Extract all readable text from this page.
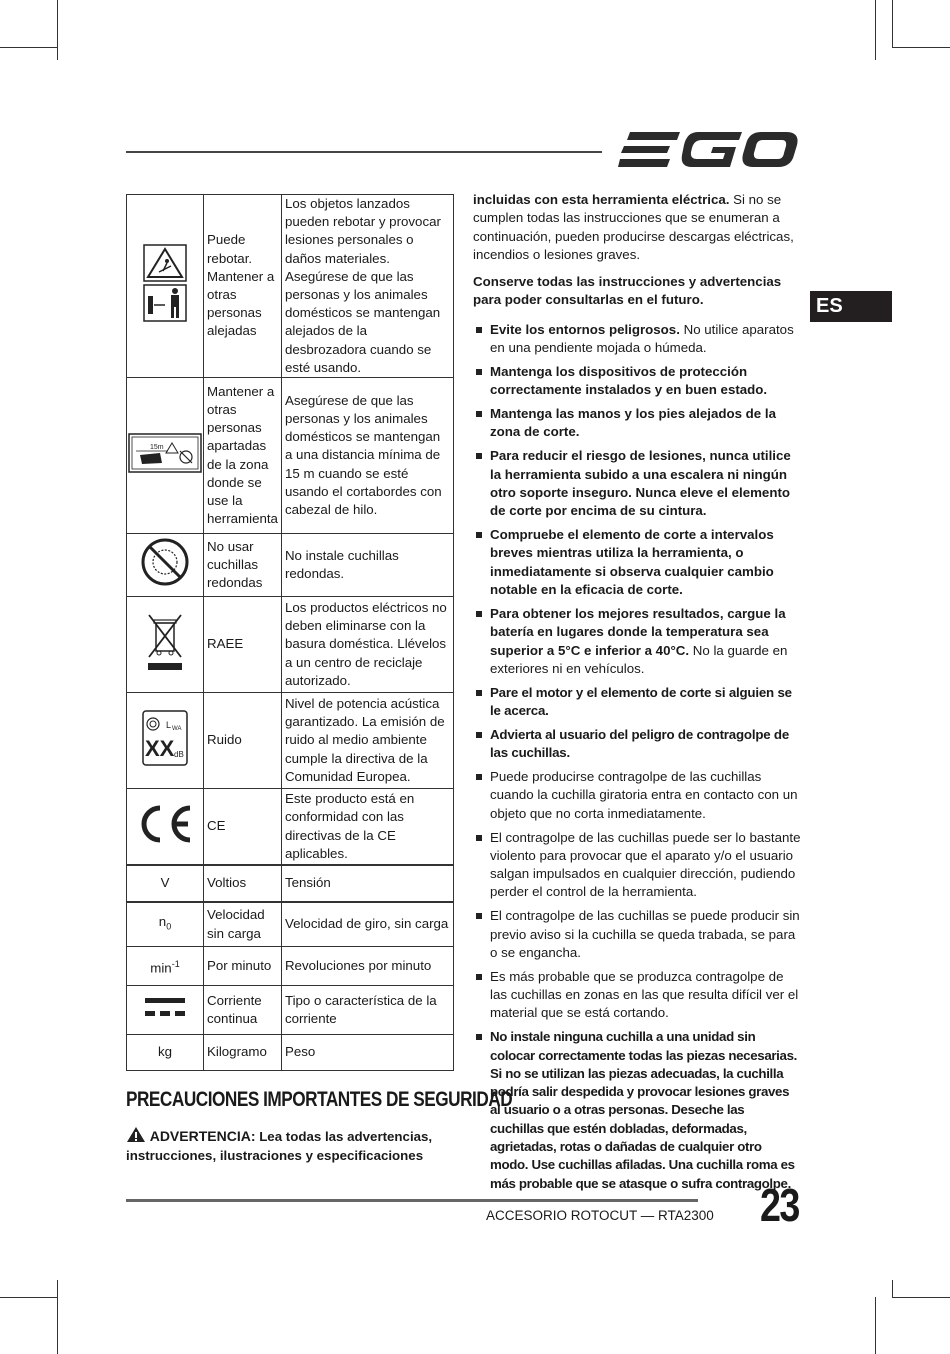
ES
	Puede rebotar. Mantener a otras personas alejadas	Los objetos lanzados pueden rebotar y provocar lesiones personales o daños materiales. Asegúrese de que las personas y los animales domésticos se mantengan alejados de la desbrozadora cuando se esté usando.

15m	Mantener a otras personas apartadas de la zona donde se use la herramienta	Asegúrese de que las personas y los animales domésticos se mantengan a una distancia mínima de 15 m cuando se esté usando el cortabordes con cabezal de hilo.
	No usar cuchillas redondas	No instale cuchillas redondas.
	RAEE	Los productos eléctricos no deben eliminarse con la basura doméstica. Llévelos a un centro de reciclaje autorizado.

L WA
XX dB	Ruido	Nivel de potencia acústica garantizado. La emisión de ruido al medio ambiente cumple la directiva de la Comunidad Europea.
	CE	Este producto está en conformidad con las directivas de la CE aplicables.
V	Voltios	Tensión
$n_0$	Velocidad sin carga	Velocidad de giro, sin carga
$\min^{-1}$	Por minuto	Revoluciones por minuto
	Corriente continua	Tipo o característica de la corriente
kg	Kilogramo	Peso
PRECAUCIONES IMPORTANTES DE SEGURIDAD
ADVERTENCIA: Lea todas las advertencias, instrucciones, ilustraciones y especificaciones

incluidas con esta herramienta eléctrica. Si no se cumplen todas las instrucciones que se enumeran a continuación, pueden producirse descargas eléctricas, incendios o lesiones graves.

Conserve todas las instrucciones y advertencias para poder consultarlas en el futuro.

Evite los entornos peligrosos. No utilice aparatos en una pendiente mojada o húmeda.
Mantenga los dispositivos de protección correctamente instalados y en buen estado.
Mantenga las manos y los pies alejados de la zona de corte.
Para reducir el riesgo de lesiones, nunca utilice la herramienta subido a una escalera ni ningún otro soporte inseguro. Nunca eleve el elemento de corte por encima de su cintura.
Compruebe el elemento de corte a intervalos breves mientras utiliza la herramienta, o inmediatamente si observa cualquier cambio notable en la eficacia de corte.
Para obtener los mejores resultados, cargue la batería en lugares donde la temperatura sea superior a 5°C e inferior a 40°C. No la guarde en exteriores ni en vehículos.
Pare el motor y el elemento de corte si alguien se le acerca.
Advierta al usuario del peligro de contragolpe de las cuchillas.
Puede producirse contragolpe de las cuchillas cuando la cuchilla giratoria entra en contacto con un objeto que no corta inmediatamente.
El contragolpe de las cuchillas puede ser lo bastante violento para provocar que el aparato y/o el usuario salgan impulsados en cualquier dirección, pudiendo perder el control de la herramienta.
El contragolpe de las cuchillas se puede producir sin previo aviso si la cuchilla se queda trabada, se para o se engancha.
Es más probable que se produzca contragolpe de las cuchillas en zonas en las que resulta difícil ver el material que se está cortando.
No instale ninguna cuchilla a una unidad sin colocar correctamente todas las piezas necesarias. Si no se utilizan las piezas adecuadas, la cuchilla podría salir despedida y provocar lesiones graves al usuario o a otras personas. Deseche las cuchillas que estén dobladas, deformadas, agrietadas, rotas o dañadas de cualquier otro modo. Use cuchillas afiladas. Una cuchilla roma es más probable que se atasque o sufra contragolpe.
ACCESORIO ROTOCUT — RTA2300 23
